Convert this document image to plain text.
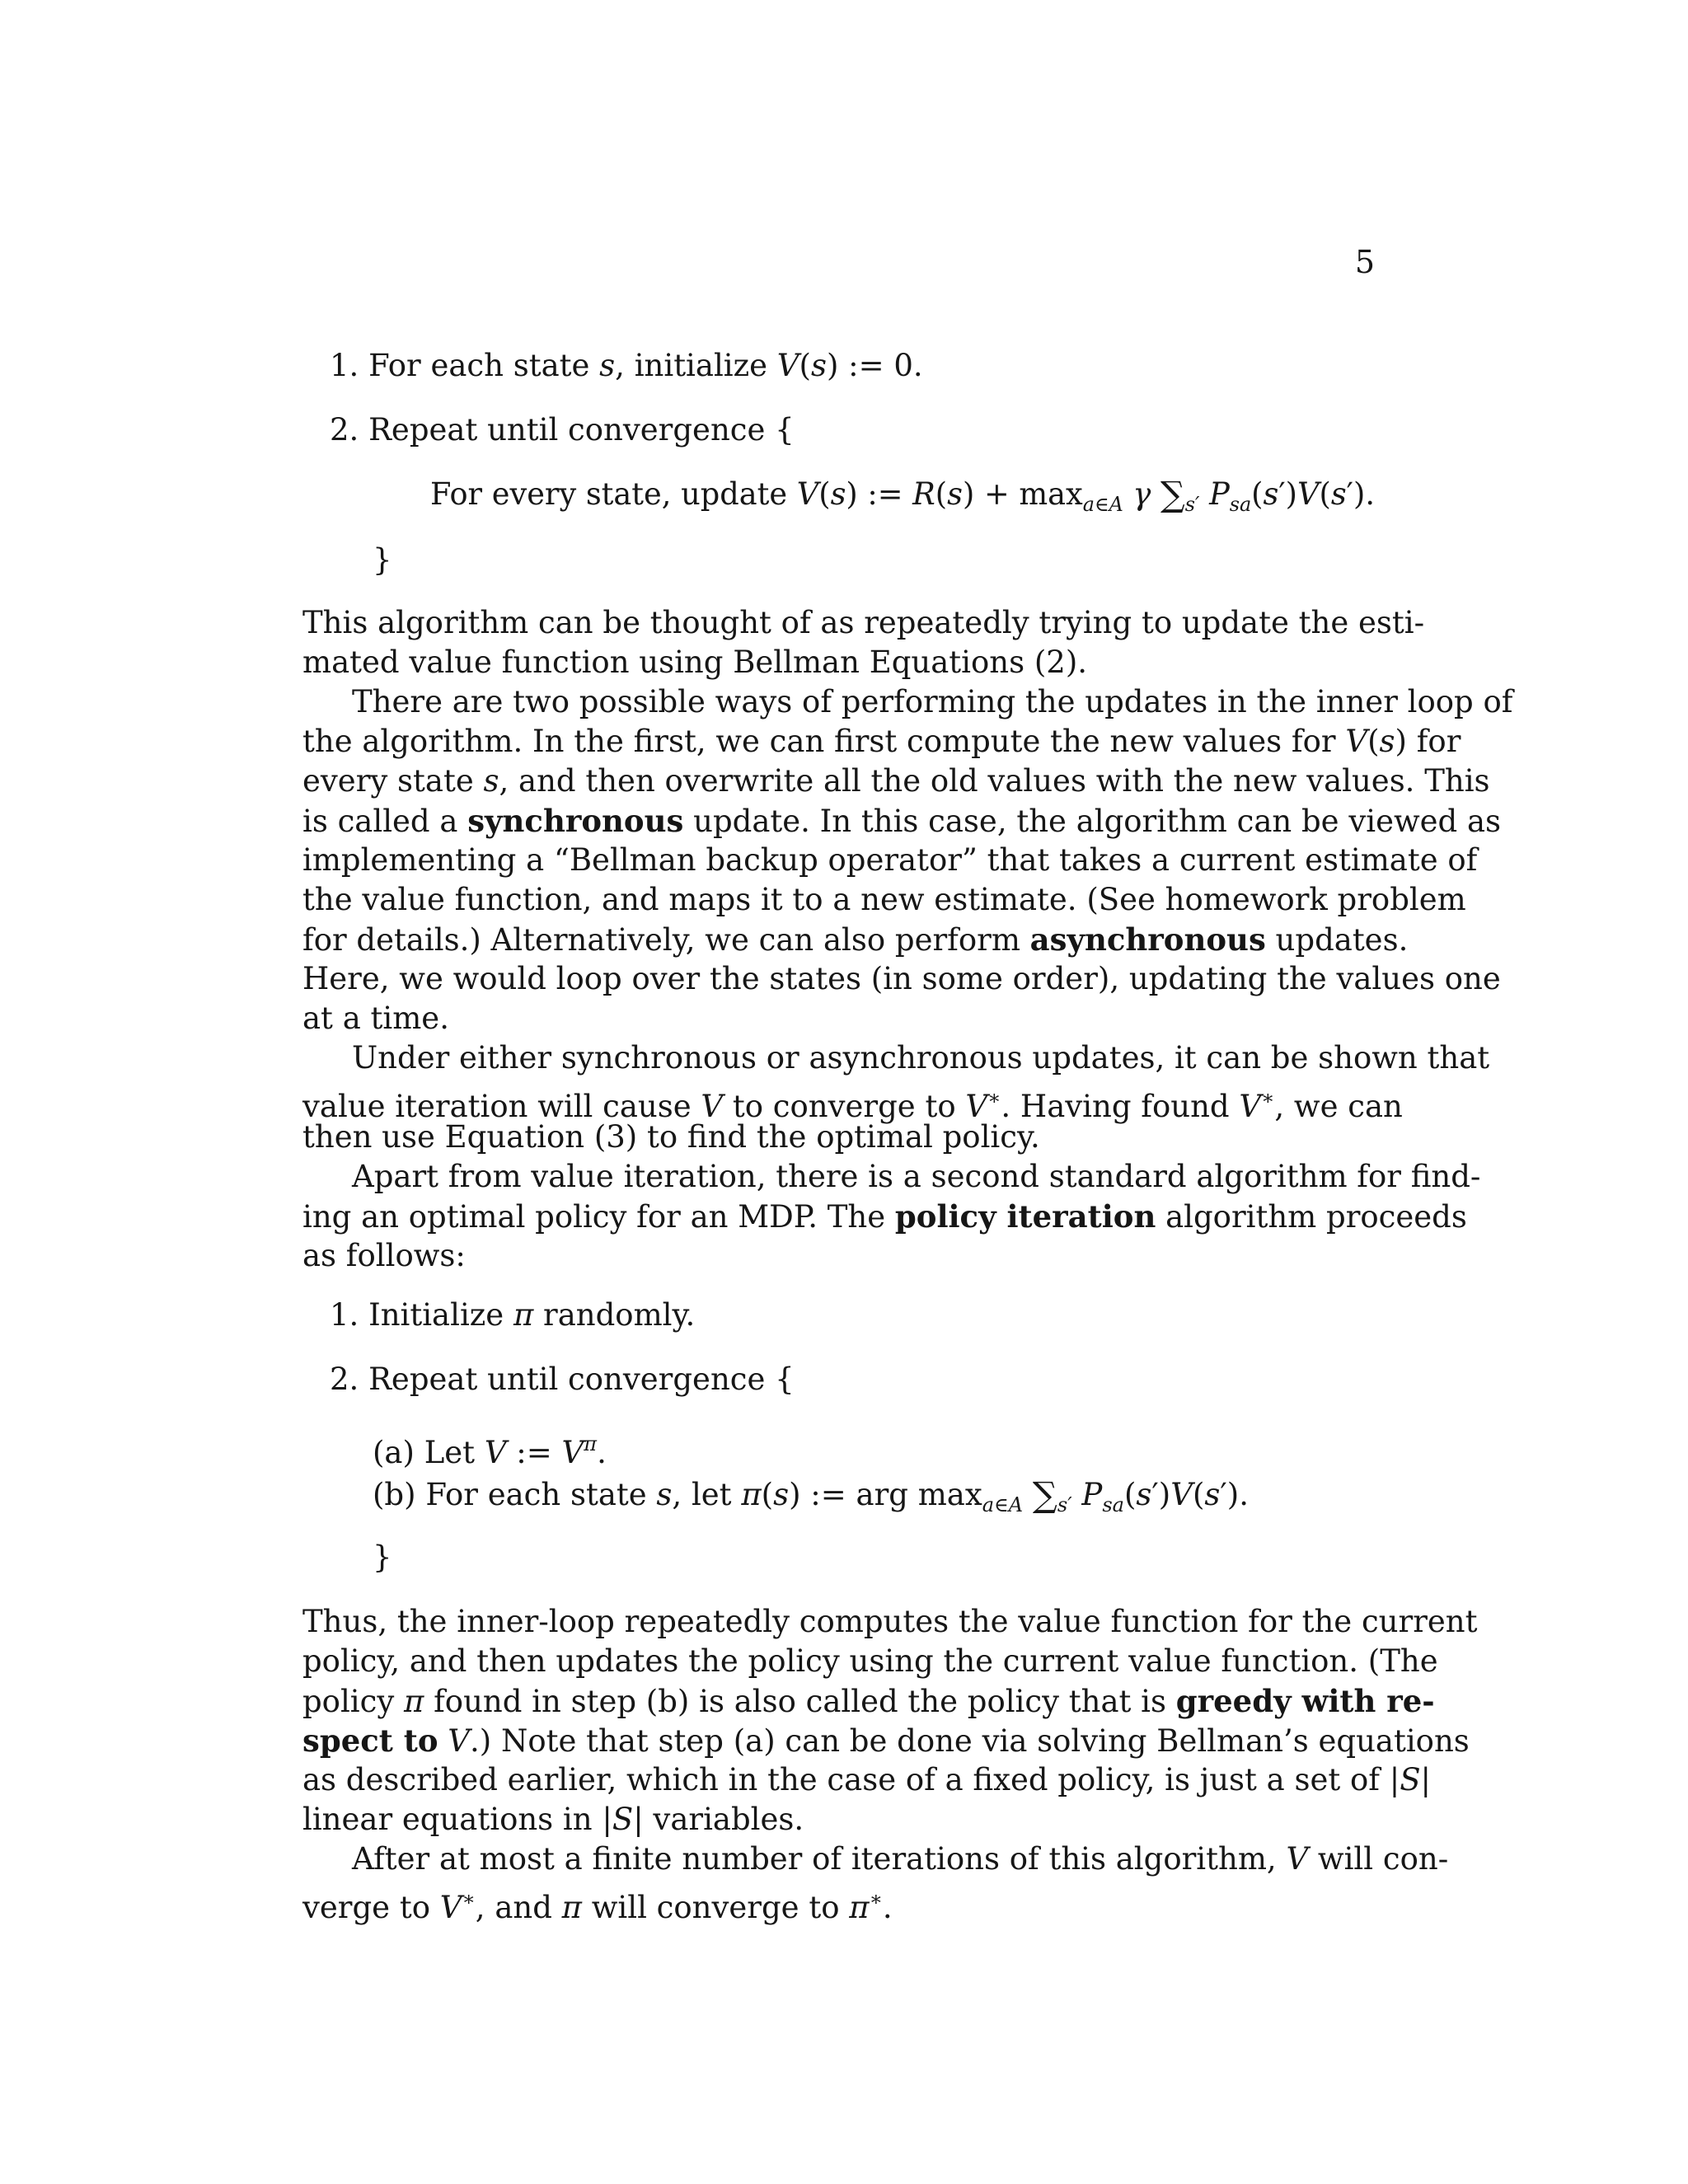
5
1. For each state s, initialize V(s) := 0.
2. Repeat until convergence {
For every state, update V(s) := $R(s) + \max_{a\in A} \gamma$ $\sum_{s'}$ $P_{sa}(s')V(s')$.
}
This algorithm can be thought of as repeatedly trying to update the esti-
mated value function using Bellman Equations (2).
There are two possible ways of performing the updates in the inner loop of
the algorithm. In the first, we can first compute the new values for V(s) for
every state s, and then overwrite all the old values with the new values. This
is called a synchronous update. In this case, the algorithm can be viewed as
implementing a “Bellman backup operator” that takes a current estimate of
the value function, and maps it to a new estimate. (See homework problem
for details.) Alternatively, we can also perform asynchronous updates.
Here, we would loop over the states (in some order), updating the values one
at a time.
Under either synchronous or asynchronous updates, it can be shown that
value iteration will cause V to converge to V∗. Having found V∗, we can
then use Equation (3) to find the optimal policy.
Apart from value iteration, there is a second standard algorithm for find-
ing an optimal policy for an MDP. The policy iteration algorithm proceeds
as follows:
1. Initialize π randomly.
2. Repeat until convergence {
(a) Let V := $V^\pi$.
(b) For each state s, let π(s) := arg $\max_{a\in A} \sum_{s'}$ $P_{sa}(s')V(s')$.
}
Thus, the inner-loop repeatedly computes the value function for the current
policy, and then updates the policy using the current value function. (The
policy π found in step (b) is also called the policy that is greedy with re-
spect to V.) Note that step (a) can be done via solving Bellman’s equations
as described earlier, which in the case of a fixed policy, is just a set of |S|
linear equations in |S| variables.
After at most a finite number of iterations of this algorithm, V will con-
verge to V∗, and π will converge to π∗.
